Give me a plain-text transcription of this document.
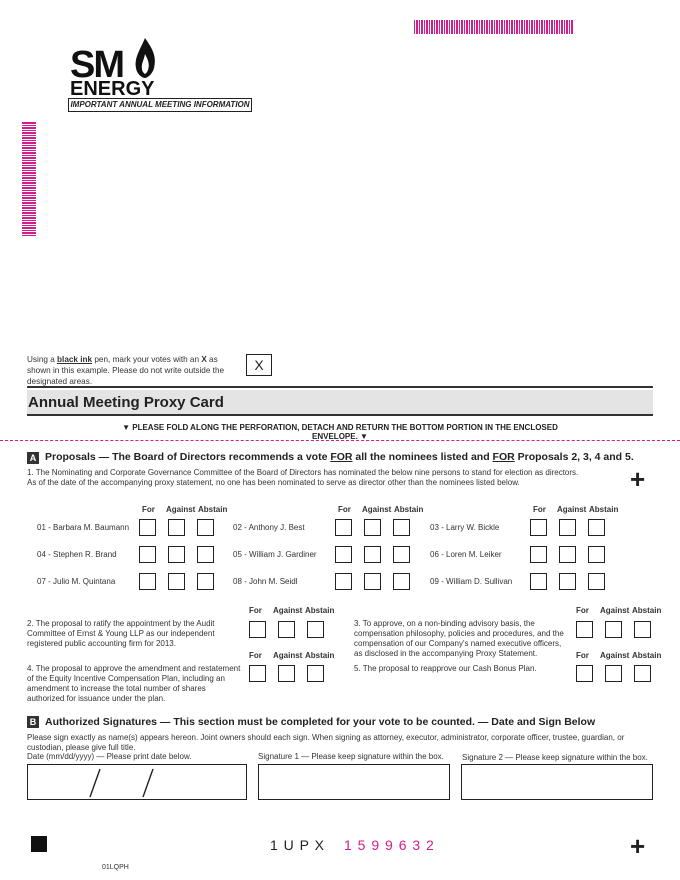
SM
ENERGY
IMPORTANT ANNUAL MEETING INFORMATION
Using a black ink pen, mark your votes with an X as shown in this example. Please do not write outside the designated areas.
X
Annual Meeting Proxy Card
▼ PLEASE FOLD ALONG THE PERFORATION, DETACH AND RETURN THE BOTTOM PORTION IN THE ENCLOSED ENVELOPE. ▼
A Proposals — The Board of Directors recommends a vote FOR all the nominees listed and FOR Proposals 2, 3, 4 and 5.
1. The Nominating and Corporate Governance Committee of the Board of Directors has nominated the below nine persons to stand for election as directors. As of the date of the accompanying proxy statement, no one has been nominated to serve as director other than the nominees listed below.	+
2. The proposal to ratify the appointment by the Audit Committee of Ernst & Young LLP as our independent registered public accounting firm for 2013.
3. To approve, on a non-binding advisory basis, the compensation philosophy, policies and procedures, and the compensation of our Company's named executive officers, as disclosed in the accompanying Proxy Statement.
4. The proposal to approve the amendment and restatement of the Equity Incentive Compensation Plan, including an amendment to increase the total number of shares authorized for issuance under the plan.
5. The proposal to reapprove our Cash Bonus Plan.
B Authorized Signatures — This section must be completed for your vote to be counted. — Date and Sign Below
Please sign exactly as name(s) appears hereon. Joint owners should each sign. When signing as attorney, executor, administrator, corporate officer, trustee, guardian, or custodian, please give full title.
Date (mm/dd/yyyy) — Please print date below.	Signature 1 — Please keep signature within the box. Signature 2 — Please keep signature within the box.
1 U P X 1 5 9 9 6 3 2	+
01LQPH
For Against Abstain	For Against Abstain	For Against Abstain
01 - Barbara M. Baumann	02 - Anthony J. Best	03 - Larry W. Bickle
04 - Stephen R. Brand	05 - William J. Gardiner	06 - Loren M. Leiker
07 - Julio M. Quintana	08 - John M. Seidl	09 - William D. Sullivan
For Against Abstain	For Against Abstain
For Against Abstain	For Against Abstain
